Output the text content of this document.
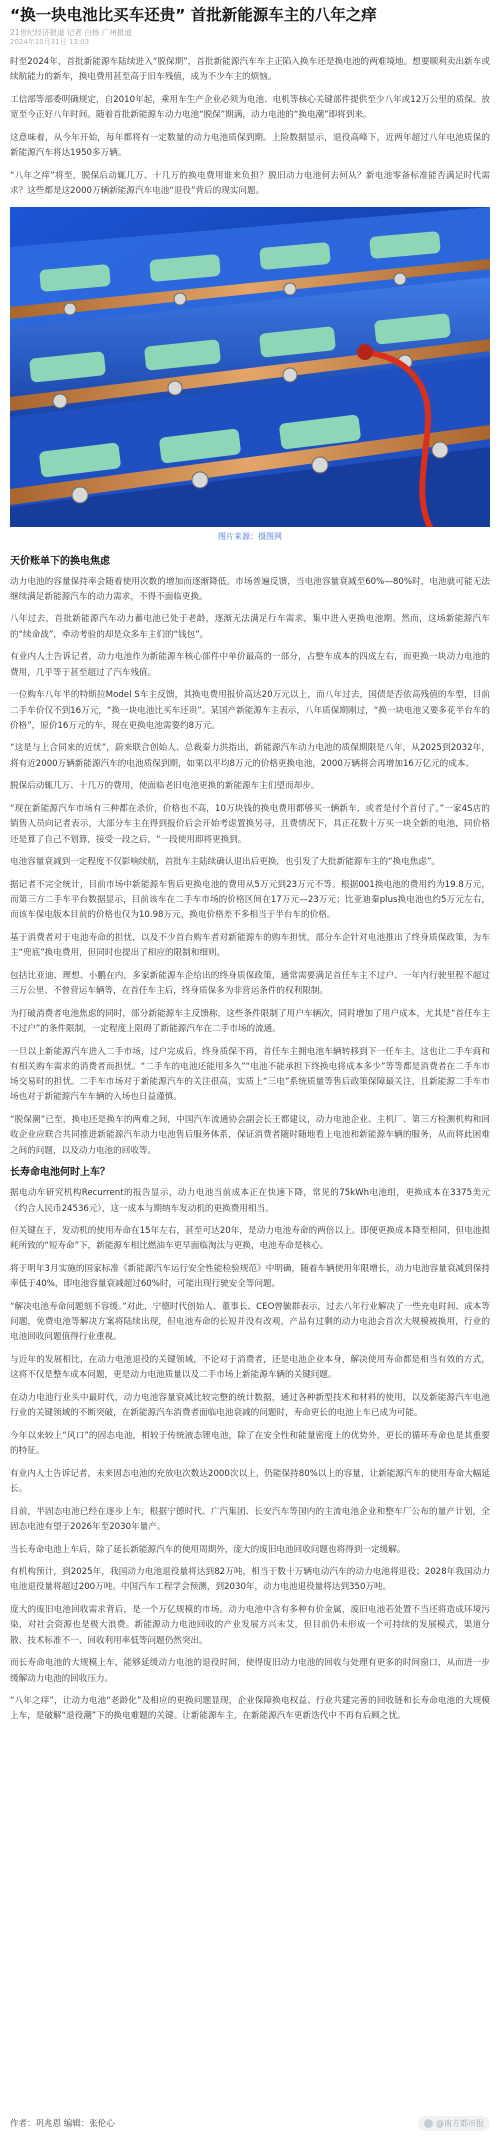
“换一块电池比买车还贵” 首批新能源车主的八年之痒
21世纪经济报道 记者 白杨 广州报道
2024年10月31日 13:03

时至2024年，首批新能源车陆续进入“脱保期”，首批新能源汽车车主正陷入换车还是换电池的两难境地。想要顺利卖出新车或续航能力的新车，换电费用甚至高于旧车残值，成为不少车主的烦恼。

工信部等部委明确规定，自2010年起，乘用车生产企业必须为电池、电机等核心关键部件提供至少八年或12万公里的质保。放宽至今正好八年时间。随着首批新能源车动力电池“脱保”期满，动力电池的“换电潮”即将到来。

这意味着，从今年开始，每年都将有一定数量的动力电池质保到期。上险数据显示，退役高峰下，近两年超过八年电池质保的新能源汽车将达1950多万辆。

“八年之痒”将至，脱保后动辄几万、十几万的换电费用谁来负担？脱旧动力电池何去何从？新电池零备标准能否满足时代需求？这些都是这2000万辆新能源汽车电池“退役”背后的现实问题。

图片来源：摄图网
天价账单下的换电焦虑

动力电池的容量保持率会随着使用次数的增加而逐渐降低。市场普遍反馈，当电池容量衰减至60%—80%时，电池就可能无法继续满足新能源汽车的动力需求，不得不面临更换。

八年过去，首批新能源汽车动力蓄电池已处于老龄，逐渐无法满足行车需求，集中进入更换电池期。然而，这场新能源汽车的“续命战”，牵动考验的却是众多车主们的“钱包”。

有业内人士告诉记者，动力电池作为新能源车核心部件中单价最高的一部分，占整车成本的四成左右，而更换一块动力电池的费用，几乎等于甚至超过了汽车残值。

一位购车八年半的特斯拉Model S车主反馈，其换电费用报价高达20万元以上，而八年过去，国债是否依高残值的车型，目前二手车价仅不到16万元，“换一块电池比买车还贵”。某国产新能源车主表示，八年质保期刚过，“换一块电池又要多花半台车的价格”，原价16万元的车，现在更换电池需要约8万元。

“这是与上合同来的近忧”，蔚来联合创始人、总裁秦力洪指出，新能源汽车动力电池的质保期限是八年，从2025到2032年，将有近2000万辆新能源汽车的电池质保到期，如果以平均8万元的价格更换电池，2000万辆将会再增加16万亿元的成本。

脱保后动辄几万、十几万的费用，使面临老旧电池更换的新能源车主们望而却步。

“现在新能源汽车市场有三种都在杀价，价格也不高，10万块钱的换电费用都够买一辆新车，或者是付个首付了。”一家4S店的销售人员向记者表示，大部分车主在得到报价后会开始考虑置换另寻，且费情况下，具正花数十万买一块全新的电池，同价格还是算了自己不划算，接受一段之后，“一段使用即将更换到。

电池容量衰减到一定程度不仅影响续航，首批车主陆续确认退出后更换，也引发了大批新能源车主的“换电焦虑”。

据记者不完全统计，目前市场中新能源车售后更换电池的费用从5万元到23万元不等。根据001换电池的费用约为19.8万元，而第三方二手车平台数据显示，目前该车在二手车市场的价格区间在17万元—23万元；比亚迪秦plus换电池也约5万元左右，而该车保电版本目前的价格也仅为10.98万元，换电价格差不多相当于半台车的价格。

基于消费者对于电池寿命的担忧，以及不少首台购车者对新能源车的购车担忧，部分车企针对电池推出了终身质保政策，为车主“兜底”换电费用，但同时也提出了相应的限制和细则。

包括比亚迪、理想、小鹏在内，多家新能源车企给出的终身质保政策，通常需要满足首任车主不过户、一年内行驶里程不超过三万公里、不曾营运车辆等，在首任车主后，终身质保多为非营运条件的权利限制。

为打破消费者电池焦虑的同时，部分新能源车主反馈称，这些条件限制了用户车辆次，同时增加了用户成本，尤其是“首任车主不过户”的条件限制，一定程度上阻碍了新能源汽车在二手市场的流通。

一旦以上新能源汽车进入二手市场，过户完成后，终身质保不再，首任车主拥电池车辆转移到下一任车主，这也让二手车商和有相关购车需求的消费者而担忧。“二手车的电池还能用多久”“电池不能承担下终换电将成本多少”等等都是消费者在二手车市场交易时的担忧。二手车市场对于新能源汽车的关注很高，实质上“三电”系统质量等售后政策保障最关注，且新能源二手车市场也对于新能源汽车车辆的入场也日益谨慎。

“脱保潮”已至，换电还是换车的两难之间，中国汽车流通协会副会长王都建议，动力电池企业、主机厂、第三方检测机构和回收企业应联合共同推进新能源汽车动力电池售后服务体系，保证消费者随时随地看上电池和新能源车辆的服务，从而将此困难之间的问题，以及动力电池的回收等。

长寿命电池何时上车？

据电动车研究机构Recurrent的报告显示，动力电池当前成本正在快速下降，常见的75kWh电池组，更换成本在3375美元（约合人民币24536元），这一成本与期纳车发动机的更换费用相当。

但关键在于，发动机的使用寿命在15年左右，甚至可达20年，是动力电池寿命的两倍以上。即便更换成本降至相同，但电池损耗所致的“短寿命”下，新能源车相比燃油车更早面临淘汰与更换，电池寿命是核心。

将于明年3月实施的国家标准《新能源汽车运行安全性能检验规范》中明确，随着车辆使用年限增长，动力电池容量衰减到保持率低于40%，即电池容量衰减超过60%时，可能出现行驶安全等问题。

“解决电池寿命问题刻不容缓。”对此，宁德时代创始人、董事长、CEO曾毓群表示，过去八年行业解决了一些充电时间、成本等问题，免费电池等解决方案将陆续出现，但电池寿命的长短并没有改观，产品有过剩的动力电池会首次大规模被换用，行业的电池回收问题值得行业重视。

与近年的发展相比，在动力电池退役的关键领域，不论对于消费者，还是电池企业本身，解决使用寿命都是相当有效的方式，这将不仅是整车成本问题，更是动力电池质量以及二手市场上新能源车辆的关键问题。

在动力电池行业头中最时代，动力电池容量衰减比较完整的统计数据，通过各种新型技术和材料的使用，以及新能源汽车电池行业的关键领域的不断突破，在新能源汽车消费者面临电池衰减的问题时，寿命更长的电池上车已成为可能。

今年以来较上“风口”的固态电池，相较于传统液态锂电池，除了在安全性和能量密度上的优势外，更长的循环寿命也是其重要的特征。

有业内人士告诉记者，未来固态电池的充放电次数达2000次以上，仍能保持80%以上的容量，让新能源汽车的使用寿命大幅延长。

目前，半固态电池已经在逐步上车，根据宁德时代、广汽集团、长安汽车等国内的主流电池企业和整车厂公布的量产计划，全固态电池有望于2026年至2030年量产。

当长寿命电池上车后，除了延长新能源汽车的使用周期外，庞大的废旧电池回收问题也将得到一定缓解。

有机构预计，到2025年，我国动力电池退役量将达到82万吨，相当于数十万辆电动汽车的动力电池将退役；2028年我国动力电池退役量将超过200万吨。中国汽车工程学会预测，到2030年，动力电池退役量将达到350万吨。

庞大的废旧电池回收需求背后，是一个万亿规模的市场。动力电池中含有多种有价金属，废旧电池若处置不当还将造成环境污染，对社会资源也是极大浪费。新能源动力电池回收的产业发展方兴未艾，但目前仍未形成一个可持续的发展模式，渠道分散、技术标准不一、回收利用率低等问题仍然突出。

而长寿命电池的大规模上车，能够延缓动力电池的退役时间，使得废旧动力电池的回收与处理有更多的时间窗口，从而进一步缓解动力电池的回收压力。

“八年之痒”，让动力电池“老龄化”及相应的更换问题显现，企业保障换电权益、行业共建完善的回收链和长寿命电池的大规模上车，是破解“退役潮”下的换电难题的关键。让新能源车主，在新能源汽车更新迭代中不再有后顾之忧。

作者：巩兆恩 编辑：张伦心	@南方都市报
